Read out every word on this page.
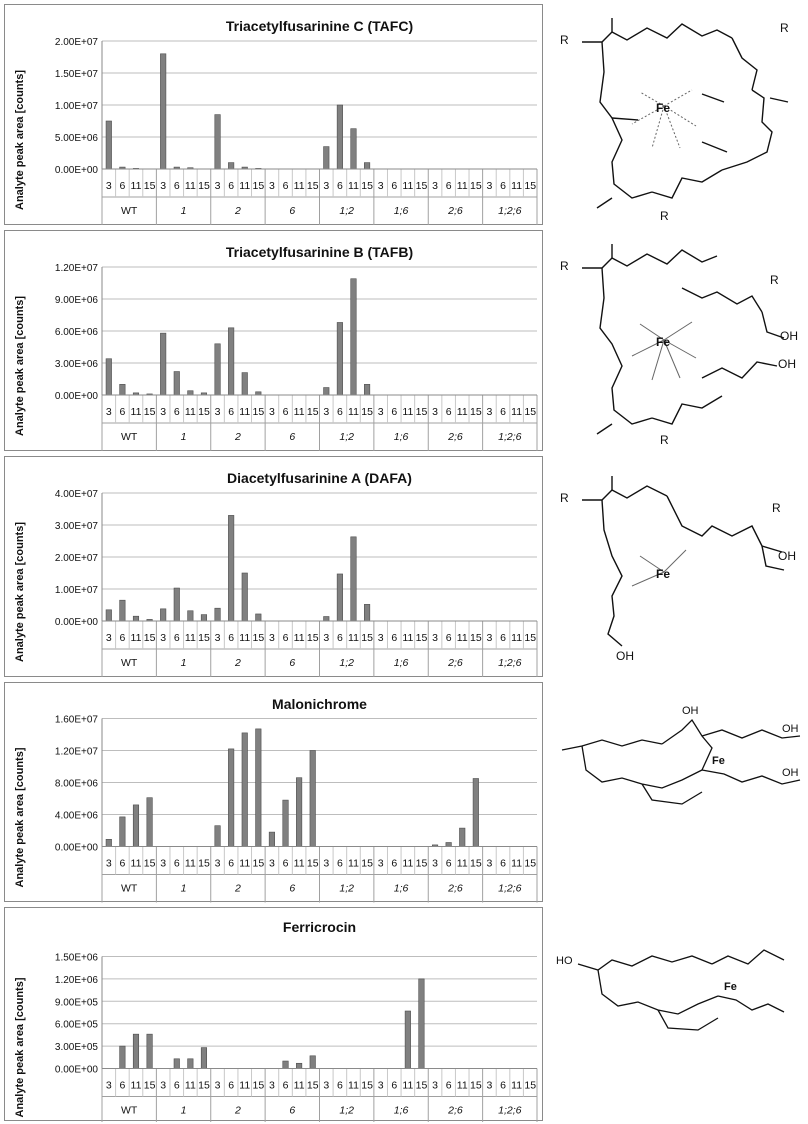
Triacetylfusarinine C (TAFC)
Analyte peak area [counts]	0.00E+00
5.00E+06
1.00E+07
1.50E+07
2.00E+07
3 6 11 15 3 6 11 15 3 6 11 15 3 6 11 15 3 6 11 15 3 6 11 15 3 6 11 15 3 6 11 15
WT	1	2	6	1;2	1;6	2;6	1;2;6
Triacetylfusarinine B (TAFB)
Analyte peak area [counts]	0.00E+00
3.00E+06
6.00E+06
9.00E+06
1.20E+07
3 6 11 15 3 6 11 15 3 6 11 15 3 6 11 15 3 6 11 15 3 6 11 15 3 6 11 15 3 6 11 15
WT	1	2	6	1;2	1;6	2;6	1;2;6
Diacetylfusarinine A (DAFA)
Analyte peak area [counts]	0.00E+00
1.00E+07
2.00E+07
3.00E+07
4.00E+07
3 6 11 15 3 6 11 15 3 6 11 15 3 6 11 15 3 6 11 15 3 6 11 15 3 6 11 15 3 6 11 15
WT	1	2	6	1;2	1;6	2;6	1;2;6
Malonichrome
Analyte peak area [counts]	0.00E+00
4.00E+06
8.00E+06
1.20E+07
1.60E+07
3 6 11 15 3 6 11 15 3 6 11 15 3 6 11 15 3 6 11 15 3 6 11 15 3 6 11 15 3 6 11 15
WT	1	2	6	1;2	1;6	2;6	1;2;6
Ferricrocin
Analyte peak area [counts]	0.00E+00
3.00E+05
6.00E+05
9.00E+05
1.20E+06
1.50E+06
3 6 11 15 3 6 11 15 3 6 11 15 3 6 11 15 3 6 11 15 3 6 11 15 3 6 11 15 3 6 11 15
WT	1	2	6	1;2	1;6	2;6	1;2;6
Fe
R
R
R
Fe
R
R
R
OH
OH
Fe
R
R
OH
OH
Fe
OH
OH
OH
Fe
HO
